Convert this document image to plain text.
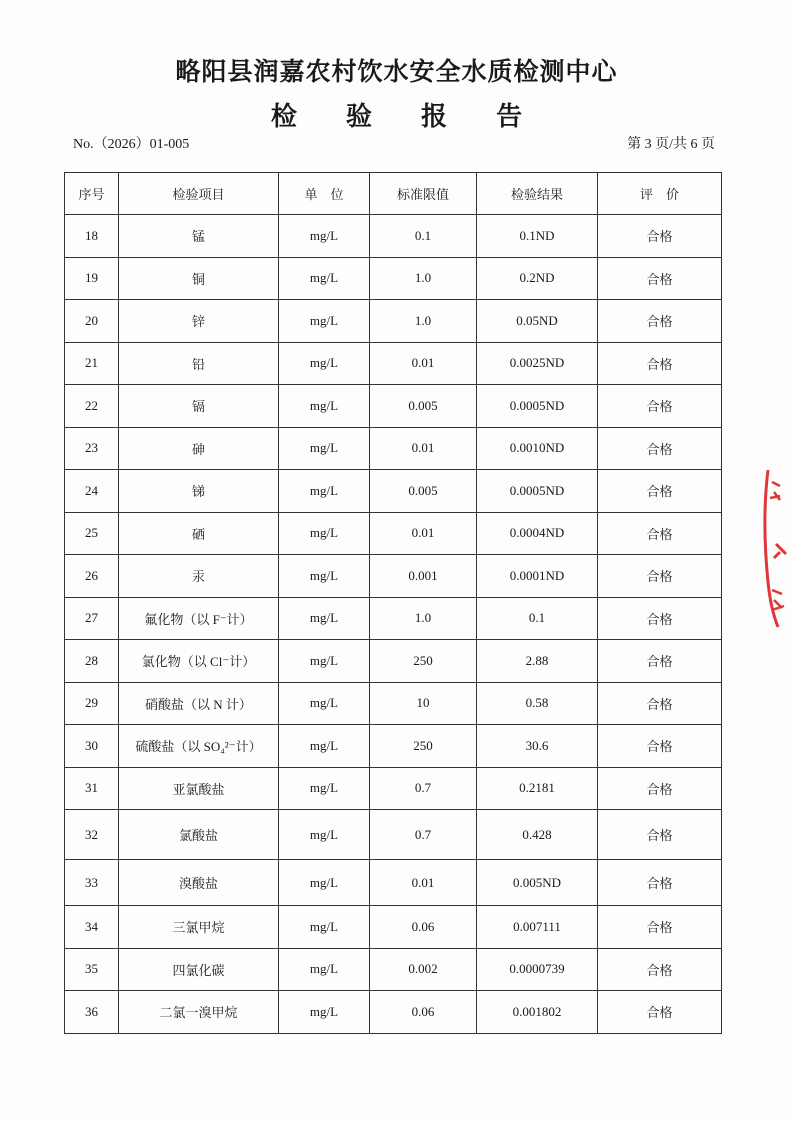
略阳县润嘉农村饮水安全水质检测中心
检 验 报 告
No.（2026）01-005	第 3 页/共 6 页
序号	检验项目	单　位	标准限值	检验结果	评　价
18	锰	mg/L	0.1	0.1ND	合格
19	铜	mg/L	1.0	0.2ND	合格
20	锌	mg/L	1.0	0.05ND	合格
21	铅	mg/L	0.01	0.0025ND	合格
22	镉	mg/L	0.005	0.0005ND	合格
23	砷	mg/L	0.01	0.0010ND	合格
24	锑	mg/L	0.005	0.0005ND	合格
25	硒	mg/L	0.01	0.0004ND	合格
26	汞	mg/L	0.001	0.0001ND	合格
27	氟化物（以 F⁻计）	mg/L	1.0	0.1	合格
28	氯化物（以 Cl⁻计）	mg/L	250	2.88	合格
29	硝酸盐（以 N 计）	mg/L	10	0.58	合格
30	硫酸盐（以 SO₄²⁻计）	mg/L	250	30.6	合格
31	亚氯酸盐	mg/L	0.7	0.2181	合格
32	氯酸盐	mg/L	0.7	0.428	合格
33	溴酸盐	mg/L	0.01	0.005ND	合格
34	三氯甲烷	mg/L	0.06	0.007111	合格
35	四氯化碳	mg/L	0.002	0.0000739	合格
36	二氯一溴甲烷	mg/L	0.06	0.001802	合格
